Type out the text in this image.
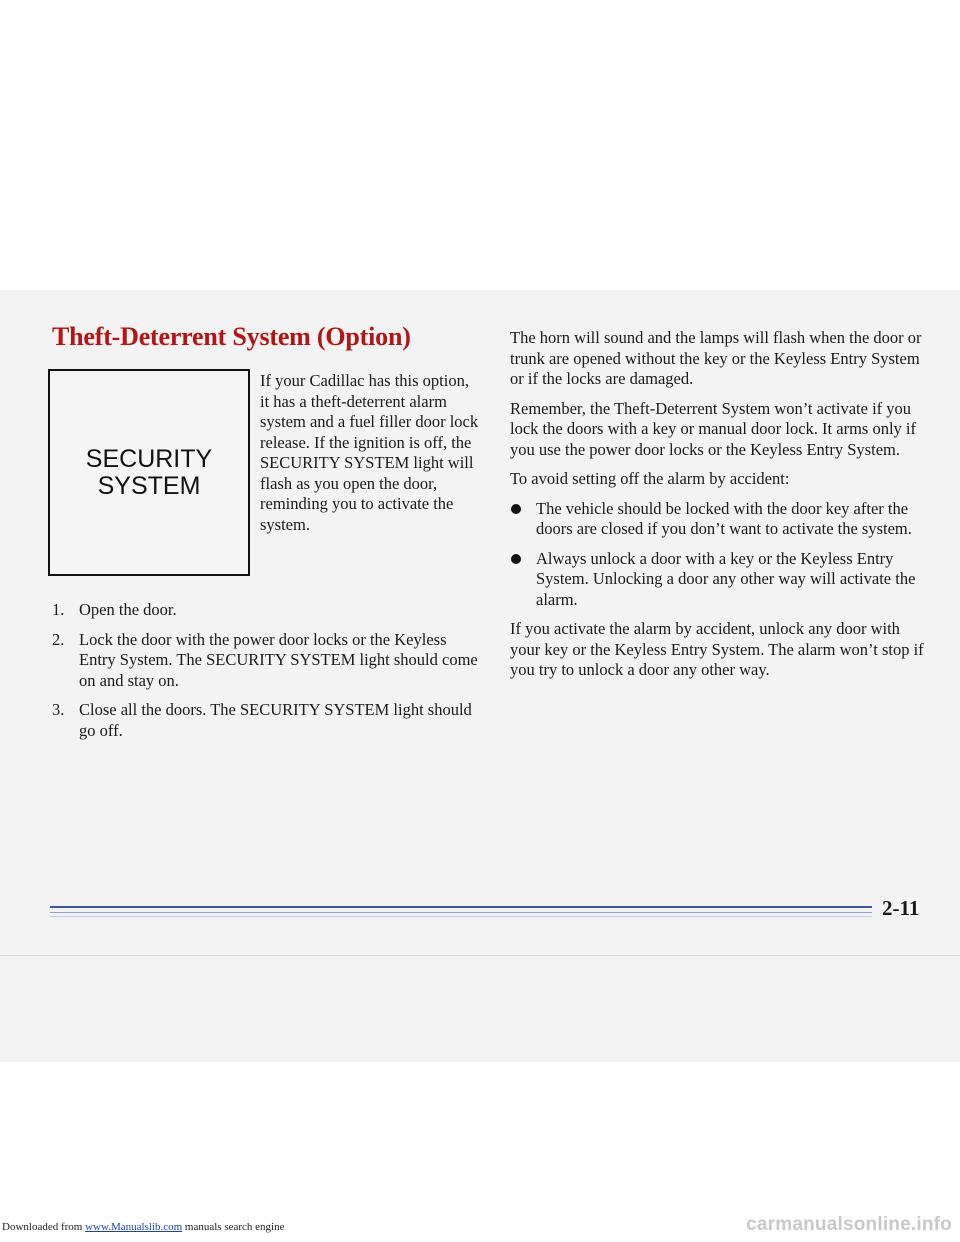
Theft-Deterrent System (Option)
SECURITY
SYSTEM
If your Cadillac has this option, it has a theft-deterrent alarm system and a fuel filler door lock release. If the ignition is off, the SECURITY SYSTEM light will flash as you open the door, reminding you to activate the system.
1. Open the door.
2. Lock the door with the power door locks or the Keyless Entry System. The SECURITY SYSTEM light should come on and stay on.
3. Close all the doors. The SECURITY SYSTEM light should go off.

The horn will sound and the lamps will flash when the door or trunk are opened without the key or the Keyless Entry System or if the locks are damaged.

Remember, the Theft-Deterrent System won’t activate if you lock the doors with a key or manual door lock. It arms only if you use the power door locks or the Keyless Entry System.

To avoid setting off the alarm by accident:

The vehicle should be locked with the door key after the doors are closed if you don’t want to activate the system.
Always unlock a door with a key or the Keyless Entry System. Unlocking a door any other way will activate the alarm.

If you activate the alarm by accident, unlock any door with your key or the Keyless Entry System. The alarm won’t stop if you try to unlock a door any other way.

2-11
Downloaded from www.Manualslib.com manuals search engine	carmanualsonline.info
